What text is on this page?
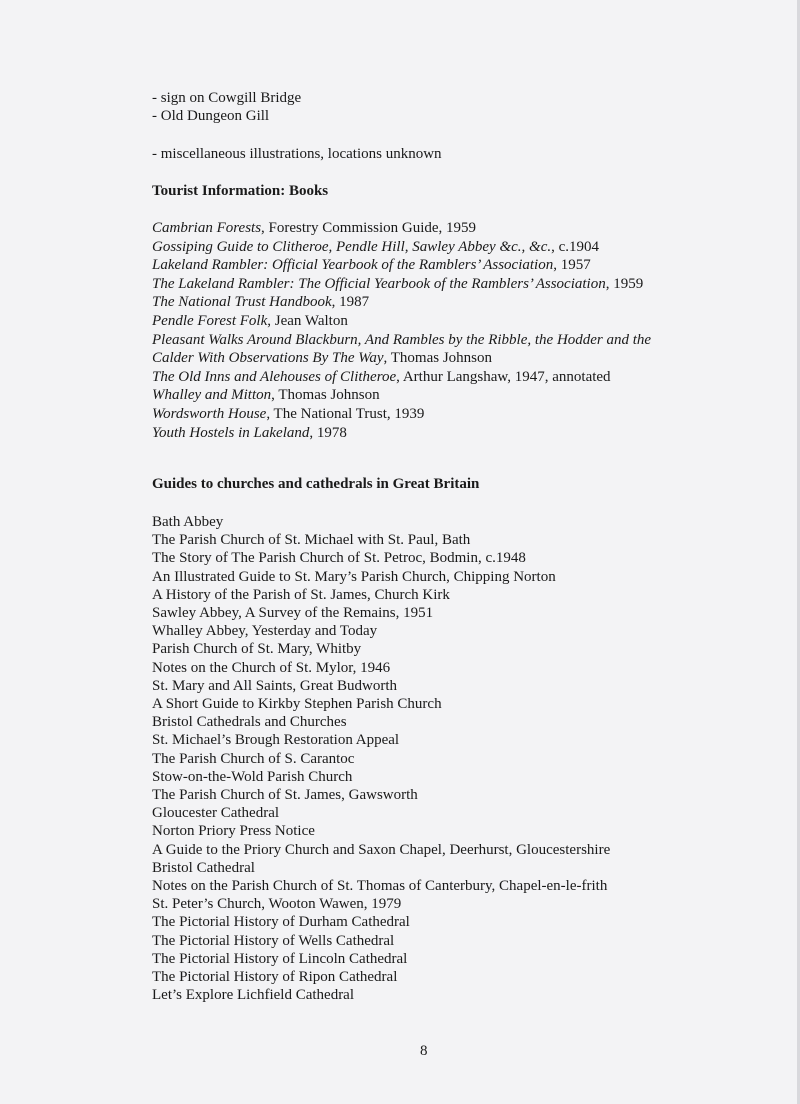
- sign on Cowgill Bridge
- Old Dungeon Gill
- miscellaneous illustrations, locations unknown
Tourist Information: Books
Cambrian Forests, Forestry Commission Guide, 1959
Gossiping Guide to Clitheroe, Pendle Hill, Sawley Abbey &c., &c., c.1904
Lakeland Rambler: Official Yearbook of the Ramblers’ Association, 1957
The Lakeland Rambler: The Official Yearbook of the Ramblers’ Association, 1959
The National Trust Handbook, 1987
Pendle Forest Folk, Jean Walton
Pleasant Walks Around Blackburn, And Rambles by the Ribble, the Hodder and the
Calder With Observations By The Way, Thomas Johnson
The Old Inns and Alehouses of Clitheroe, Arthur Langshaw, 1947, annotated
Whalley and Mitton, Thomas Johnson
Wordsworth House, The National Trust, 1939
Youth Hostels in Lakeland, 1978
Guides to churches and cathedrals in Great Britain
Bath Abbey
The Parish Church of St. Michael with St. Paul, Bath
The Story of The Parish Church of St. Petroc, Bodmin, c.1948
An Illustrated Guide to St. Mary’s Parish Church, Chipping Norton
A History of the Parish of St. James, Church Kirk
Sawley Abbey, A Survey of the Remains, 1951
Whalley Abbey, Yesterday and Today
Parish Church of St. Mary, Whitby
Notes on the Church of St. Mylor, 1946
St. Mary and All Saints, Great Budworth
A Short Guide to Kirkby Stephen Parish Church
Bristol Cathedrals and Churches
St. Michael’s Brough Restoration Appeal
The Parish Church of S. Carantoc
Stow-on-the-Wold Parish Church
The Parish Church of St. James, Gawsworth
Gloucester Cathedral
Norton Priory Press Notice
A Guide to the Priory Church and Saxon Chapel, Deerhurst, Gloucestershire
Bristol Cathedral
Notes on the Parish Church of St. Thomas of Canterbury, Chapel-en-le-frith
St. Peter’s Church, Wooton Wawen, 1979
The Pictorial History of Durham Cathedral
The Pictorial History of Wells Cathedral
The Pictorial History of Lincoln Cathedral
The Pictorial History of Ripon Cathedral
Let’s Explore Lichfield Cathedral
8
